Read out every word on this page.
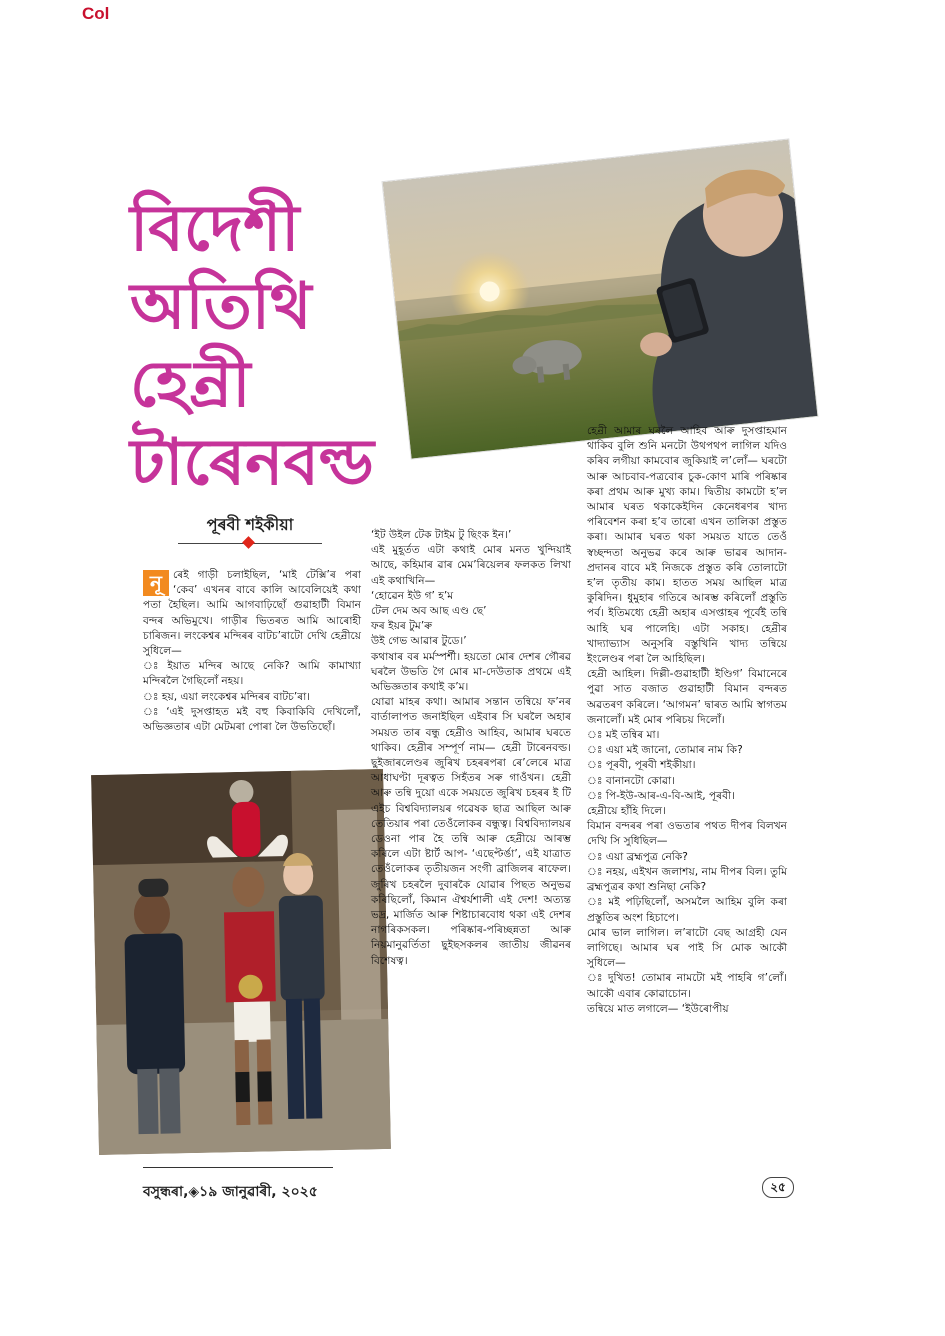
Col
বিদেশী
অতিথি
হেন্ৰী
টাৰেনবল্ড
পূৰবী শইকীয়া

নূ	ৰেই গাড়ী চলাইছিল, ‘মাই টেক্সি’ৰ পৰা ‘কেব’ এখনৰ বাবে কালি আবেলিয়েই কথা পতা হৈছিল। আমি আগবাঢ়িছোঁ গুৱাহাটী বিমান বন্দৰ অভিমুখে। গাড়ীৰ ভিতৰত আমি আৰোহী চাৰিজন। লংকেশ্বৰ মন্দিৰৰ বাটচ’ৰাটো দেখি হেন্ৰীয়ে সুধিলে—

ঃ ইয়াত মন্দিৰ আছে নেকি? আমি কামাখ্যা মন্দিৰলৈ গৈছিলোঁ নহয়।

ঃ হয়, এয়া লংকেশ্বৰ মন্দিৰৰ বাটচ’ৰা।

ঃ ‘এই দুসপ্তাহত মই বহু কিবাকিবি দেখিলোঁ, অভিজ্ঞতাৰ এটা মেটমৰা পোৰা লৈ উভতিছোঁ।

‘ইট উইল টেক টাইম টু ছিংক ইন।’

এই মুহূৰ্তত এটা কথাই মোৰ মনত খুন্দিয়াই আছে, কহিমাৰ ৱাৰ মেম’ৰিয়েলৰ ফলকত লিখা এই কথাখিনি—

‘হোৱেন ইউ গ’ হ’ম

টেল দেম অব আছ এণ্ড ছে’

ফৰ ইয়ৰ টুম’ৰু

উই গেভ আৱাৰ টুডে।’

কথাষাৰ বৰ মৰ্মস্পৰ্শী। হয়তো মোৰ দেশৰ গৌৰৱ ঘৰলৈ উভতি গৈ মোৰ মা-দেউতাক প্ৰথমে এই অভিজ্ঞতাৰ কথাই ক’ম।

যোৱা মাহৰ কথা। আমাৰ সন্তান তন্বিয়ে ফ’নৰ বাৰ্তালাপত জনাইছিল এইবাৰ সি ঘৰলৈ অহাৰ সময়ত তাৰ বন্ধু হেন্ৰীও আহিব, আমাৰ ঘৰতে থাকিব। হেন্ৰীৰ সম্পূৰ্ণ নাম— হেন্ৰী টাৰেনবল্ড। ছুইজাৰলেণ্ডৰ জুৰিখ চহৰৰপৰা ৰে’লেৰে মাত্ৰ আধাঘণ্টা দূৰত্বত সিহঁতৰ সৰু গাওঁখন। হেন্ৰী আৰু তন্বি দুয়ো একে সময়তে জুৰিখ চহৰৰ ই টি এইচ বিশ্ববিদ্যালয়ৰ গৱেষক ছাত্ৰ আছিল আৰু তেতিয়াৰ পৰা তেওঁলোকৰ বন্ধুত্ব। বিশ্ববিদ্যালয়ৰ ডেওনা পাৰ হৈ তন্বি আৰু হেন্ৰীয়ে আৰম্ভ কৰিলে এটা ষ্টাৰ্ট আপ- ‘এছেপ্টৰ্ঙা’, এই যাত্ৰাত তেওঁলোকৰ তৃতীয়জন সংগী ব্ৰাজিলৰ ৰাফেল। জুৰিখ চহৰলৈ দুবাৰকৈ যোৱাৰ পিছত অনুভৱ কৰিছিলোঁ, কিমান ঐশ্বৰ্যশালী এই দেশ! অত্যন্ত ভদ্ৰ, মাৰ্জিত আৰু শিষ্টাচাৰবোধ থকা এই দেশৰ নাগৰিকসকল। পৰিষ্কাৰ-পৰিচ্ছন্নতা আৰু নিয়মানুৱৰ্তিতা ছুইছসকলৰ জাতীয় জীৱনৰ বিশেষত্ব।

হেন্ৰী আমাৰ ঘৰলৈ আহিব আৰু দুসপ্তাহমান থাকিব বুলি শুনি মনটো উথপথপ লাগিল যদিও কৰিব লগীয়া কামবোৰ জুকিয়াই ল’লোঁ— ঘৰটো আৰু আচবাব-পত্ৰবোৰ চুক-কোণ মাৰি পৰিষ্কাৰ কৰা প্ৰথম আৰু মুখ্য কাম। দ্বিতীয় কামটো হ’ল আমাৰ ঘৰত থকাকেইদিন কেনেধৰণৰ খাদ্য পৰিবেশন কৰা হ’ব তাৰো এখন তালিকা প্ৰস্তুত কৰা। আমাৰ ঘৰত থকা সময়ত যাতে তেওঁ স্বচ্ছন্দতা অনুভৱ কৰে আৰু ভাৱৰ আদান-প্ৰদানৰ বাবে মই নিজকে প্ৰস্তুত কৰি তোলাটো হ’ল তৃতীয় কাম। হাতত সময় আছিল মাত্ৰ কুৰিদিন। ধুমুহাৰ গতিৰে আৰম্ভ কৰিলোঁ প্ৰস্তুতি পৰ্ব। ইতিমধ্যে হেন্ৰী অহাৰ এসপ্তাহৰ পূৰ্বেই তন্বি আহি ঘৰ পালেহি। এটা সকাহ। হেন্ৰীৰ খাদ্যাভ্যাস অনুসৰি বস্তুখিনি খাদ্য তন্বিয়ে ইংলেণ্ডৰ পৰা লৈ আহিছিল।

হেন্ৰী আহিল। দিল্লী-গুৱাহাটী ইণ্ডিগ’ বিমানেৰে পুৱা সাত বজাত গুৱাহাটী বিমান বন্দৰত অৱতৰণ কৰিলে। ‘আগমন’ দ্বাৰত আমি স্বাগতম জনালোঁ। মই মোৰ পৰিচয় দিলোঁ।

ঃ মই তন্বিৰ মা।

ঃ এয়া মই জানো, তোমাৰ নাম কি?

ঃ পূৰবী, পূৰবী শইকীয়া।

ঃ বানানটো কোৱা।

ঃ পি-ইউ-আৰ-এ-বি-আই, পূৰবী।

হেন্ৰীয়ে হাঁহি দিলে।

বিমান বন্দৰৰ পৰা ওভতাৰ পথত দীপৰ বিলখন দেখি সি সুধিছিল—

ঃ এয়া ব্ৰহ্মপুত্ৰ নেকি?

ঃ নহয়, এইখন জলাশয়, নাম দীপৰ বিল। তুমি ব্ৰহ্মপুত্ৰৰ কথা শুনিছা নেকি?

ঃ মই পঢ়িছিলোঁ, অসমলৈ আহিম বুলি কৰা প্ৰস্তুতিৰ অংশ হিচাপে।

মোৰ ভাল লাগিল। ল’ৰাটো বেছ আগ্ৰহী যেন লাগিছে। আমাৰ ঘৰ পাই সি মোক আকৌ সুধিলে—

ঃ দুখিত! তোমাৰ নামটো মই পাহৰি গ’লোঁ। আকৌ এবাৰ কোৱাচোন।

তন্বিয়ে মাত লগালে— ‘ইউৰোপীয়

বসুন্ধৰা,◈১৯ জানুৱাৰী, ২০২৫	২৫
